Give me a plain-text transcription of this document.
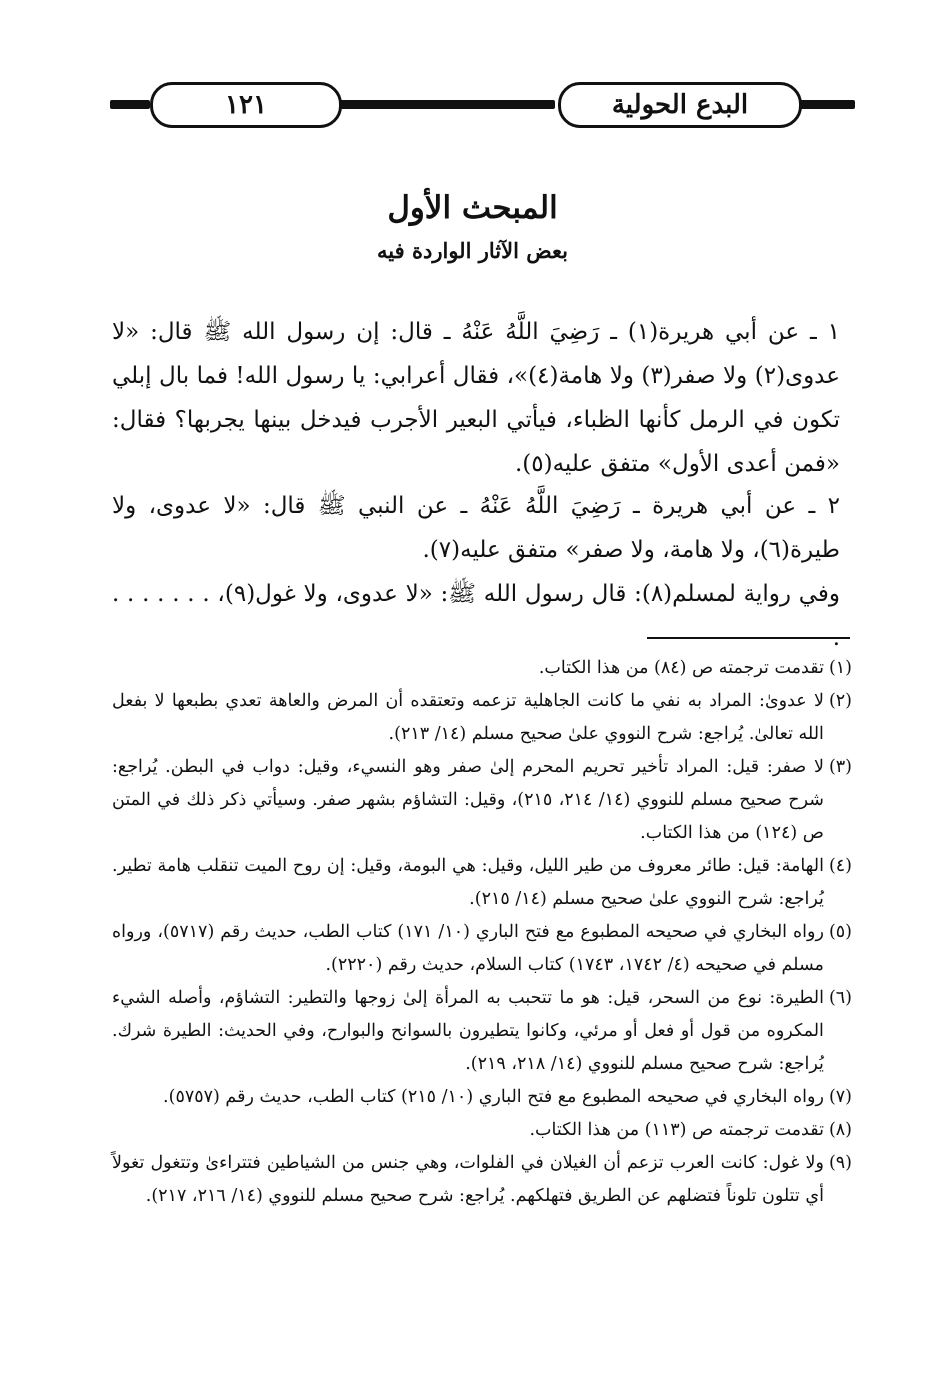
١٢١	البدع الحولية
المبحث الأول
بعض الآثار الواردة فيه
١ ـ عن أبي هريرة(١) ـ رَضِيَ اللَّهُ عَنْهُ ـ قال: إن رسول الله ﷺ قال: «لا عدوى(٢) ولا صفر(٣) ولا هامة(٤)»، فقال أعرابي: يا رسول الله! فما بال إبلي تكون في الرمل كأنها الظباء، فيأتي البعير الأجرب فيدخل بينها يجربها؟ فقال: «فمن أعدى الأول» متفق عليه(٥).
٢ ـ عن أبي هريرة ـ رَضِيَ اللَّهُ عَنْهُ ـ عن النبي ﷺ قال: «لا عدوى، ولا طيرة(٦)، ولا هامة، ولا صفر» متفق عليه(٧).
وفي رواية لمسلم(٨): قال رسول الله ﷺ: «لا عدوى، ولا غول(٩)، . . . . . . .
(١)
تقدمت ترجمته ص (٨٤) من هذا الكتاب.
(٢)
لا عدوىٰ: المراد به نفي ما كانت الجاهلية تزعمه وتعتقده أن المرض والعاهة تعدي بطبعها لا بفعل الله تعالىٰ. يُراجع: شرح النووي علىٰ صحيح مسلم (١٤/ ٢١٣).
(٣)
لا صفر: قيل: المراد تأخير تحريم المحرم إلىٰ صفر وهو النسيء، وقيل: دواب في البطن. يُراجع: شرح صحيح مسلم للنووي (١٤/ ٢١٤، ٢١٥)، وقيل: التشاؤم بشهر صفر. وسيأتي ذكر ذلك في المتن ص (١٢٤) من هذا الكتاب.
(٤)
الهامة: قيل: طائر معروف من طير الليل، وقيل: هي البومة، وقيل: إن روح الميت تنقلب هامة تطير. يُراجع: شرح النووي علىٰ صحيح مسلم (١٤/ ٢١٥).
(٥)
رواه البخاري في صحيحه المطبوع مع فتح الباري (١٠/ ١٧١) كتاب الطب، حديث رقم (٥٧١٧)، ورواه مسلم في صحيحه (٤/ ١٧٤٢، ١٧٤٣) كتاب السلام، حديث رقم (٢٢٢٠).
(٦)
الطيرة: نوع من السحر، قيل: هو ما تتحبب به المرأة إلىٰ زوجها والتطير: التشاؤم، وأصله الشيء المكروه من قول أو فعل أو مرئي، وكانوا يتطيرون بالسوانح والبوارح، وفي الحديث: الطيرة شرك. يُراجع: شرح صحيح مسلم للنووي (١٤/ ٢١٨، ٢١٩).
(٧)
رواه البخاري في صحيحه المطبوع مع فتح الباري (١٠/ ٢١٥) كتاب الطب، حديث رقم (٥٧٥٧).
(٨)
تقدمت ترجمته ص (١١٣) من هذا الكتاب.
(٩)
ولا غول: كانت العرب تزعم أن الغيلان في الفلوات، وهي جنس من الشياطين فتتراءىٰ وتتغول تغولاً أي تتلون تلوناً فتضلهم عن الطريق فتهلكهم. يُراجع: شرح صحيح مسلم للنووي (١٤/ ٢١٦، ٢١٧).
